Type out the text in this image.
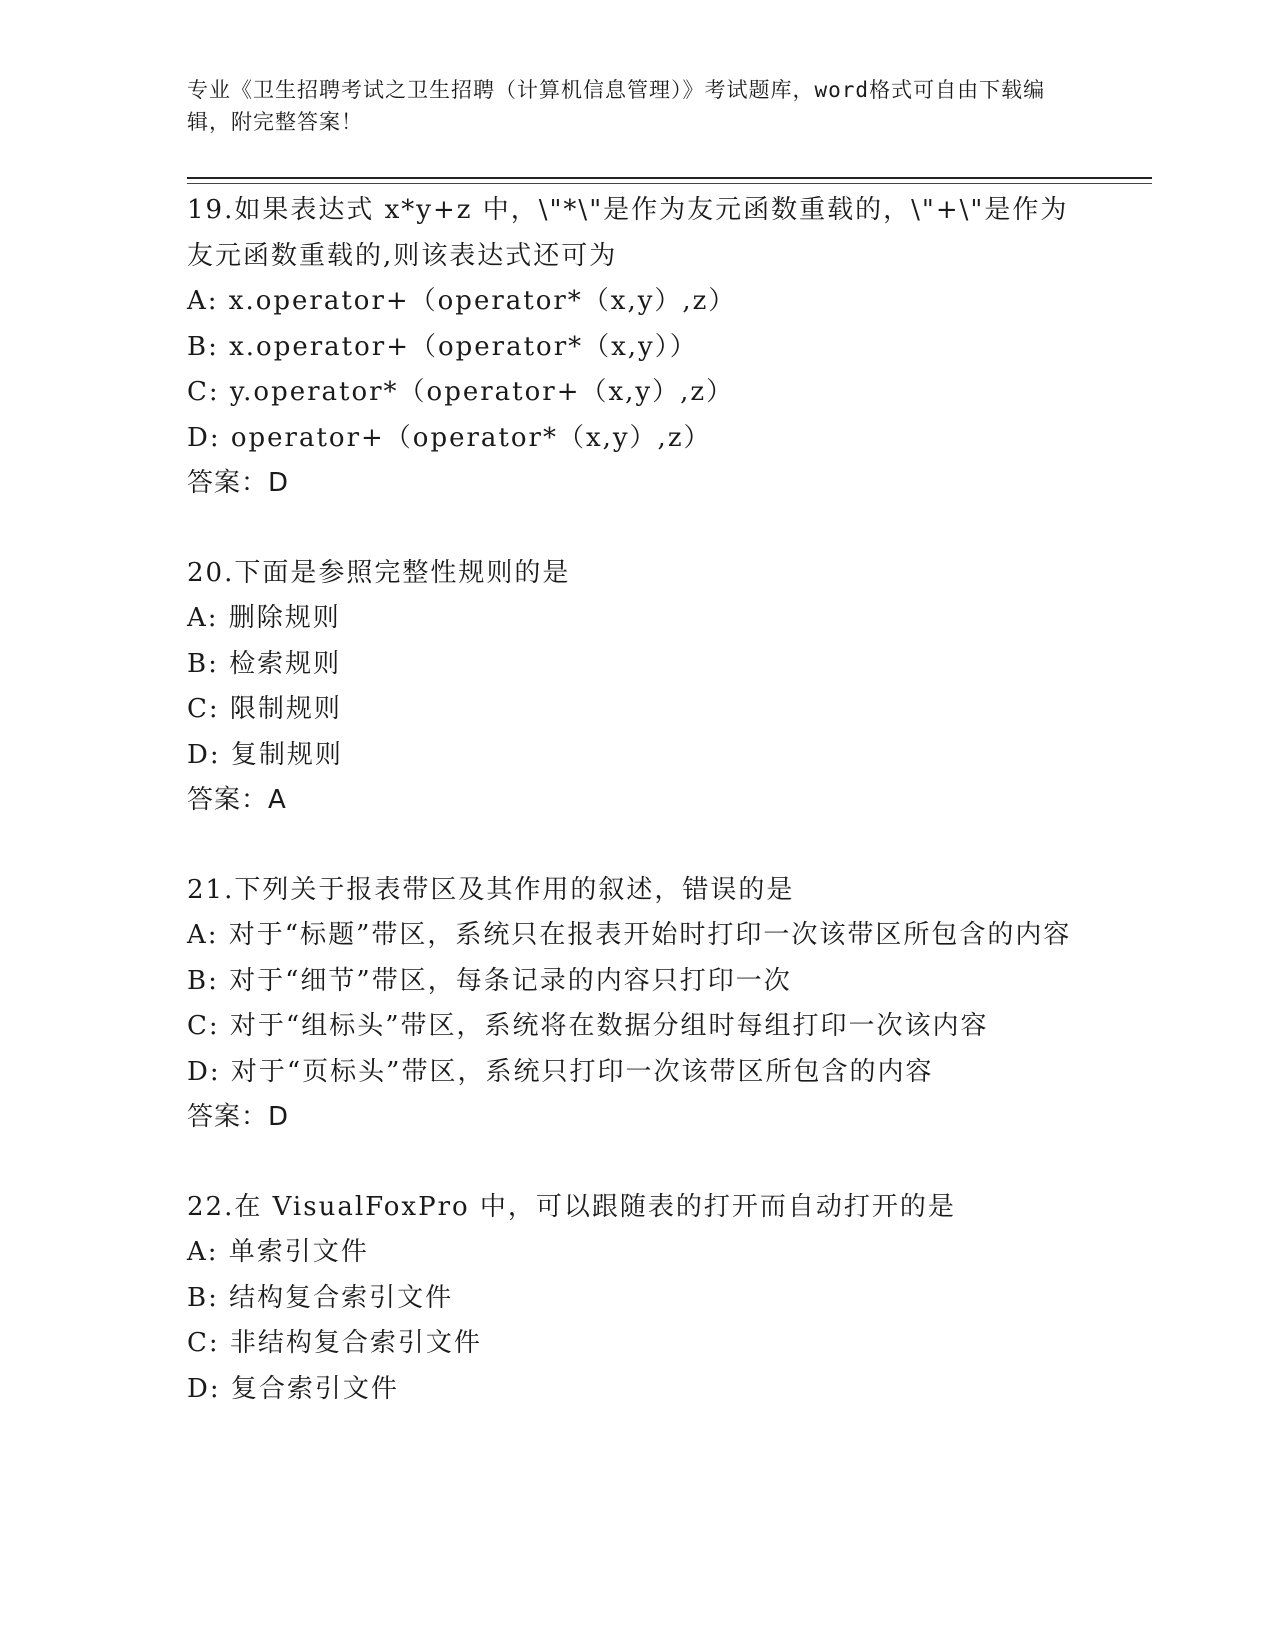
专业《卫生招聘考试之卫生招聘（计算机信息管理）》考试题库，word格式可自由下载编辑，附完整答案！
19.如果表达式 x*y+z 中，\"*\"是作为友元函数重载的，\"+\"是作为友元函数重载的,则该表达式还可为
A: x.operator+（operator*（x,y）,z）
B: x.operator+（operator*（x,y））
C: y.operator*（operator+（x,y）,z）
D: operator+（operator*（x,y）,z）
答案：D
20.下面是参照完整性规则的是
A: 删除规则
B: 检索规则
C: 限制规则
D: 复制规则
答案：A
21.下列关于报表带区及其作用的叙述，错误的是
A: 对于“标题”带区，系统只在报表开始时打印一次该带区所包含的内容
B: 对于“细节”带区，每条记录的内容只打印一次
C: 对于“组标头”带区，系统将在数据分组时每组打印一次该内容
D: 对于“页标头”带区，系统只打印一次该带区所包含的内容
答案：D
22.在 VisualFoxPro 中，可以跟随表的打开而自动打开的是
A: 单索引文件
B: 结构复合索引文件
C: 非结构复合索引文件
D: 复合索引文件
